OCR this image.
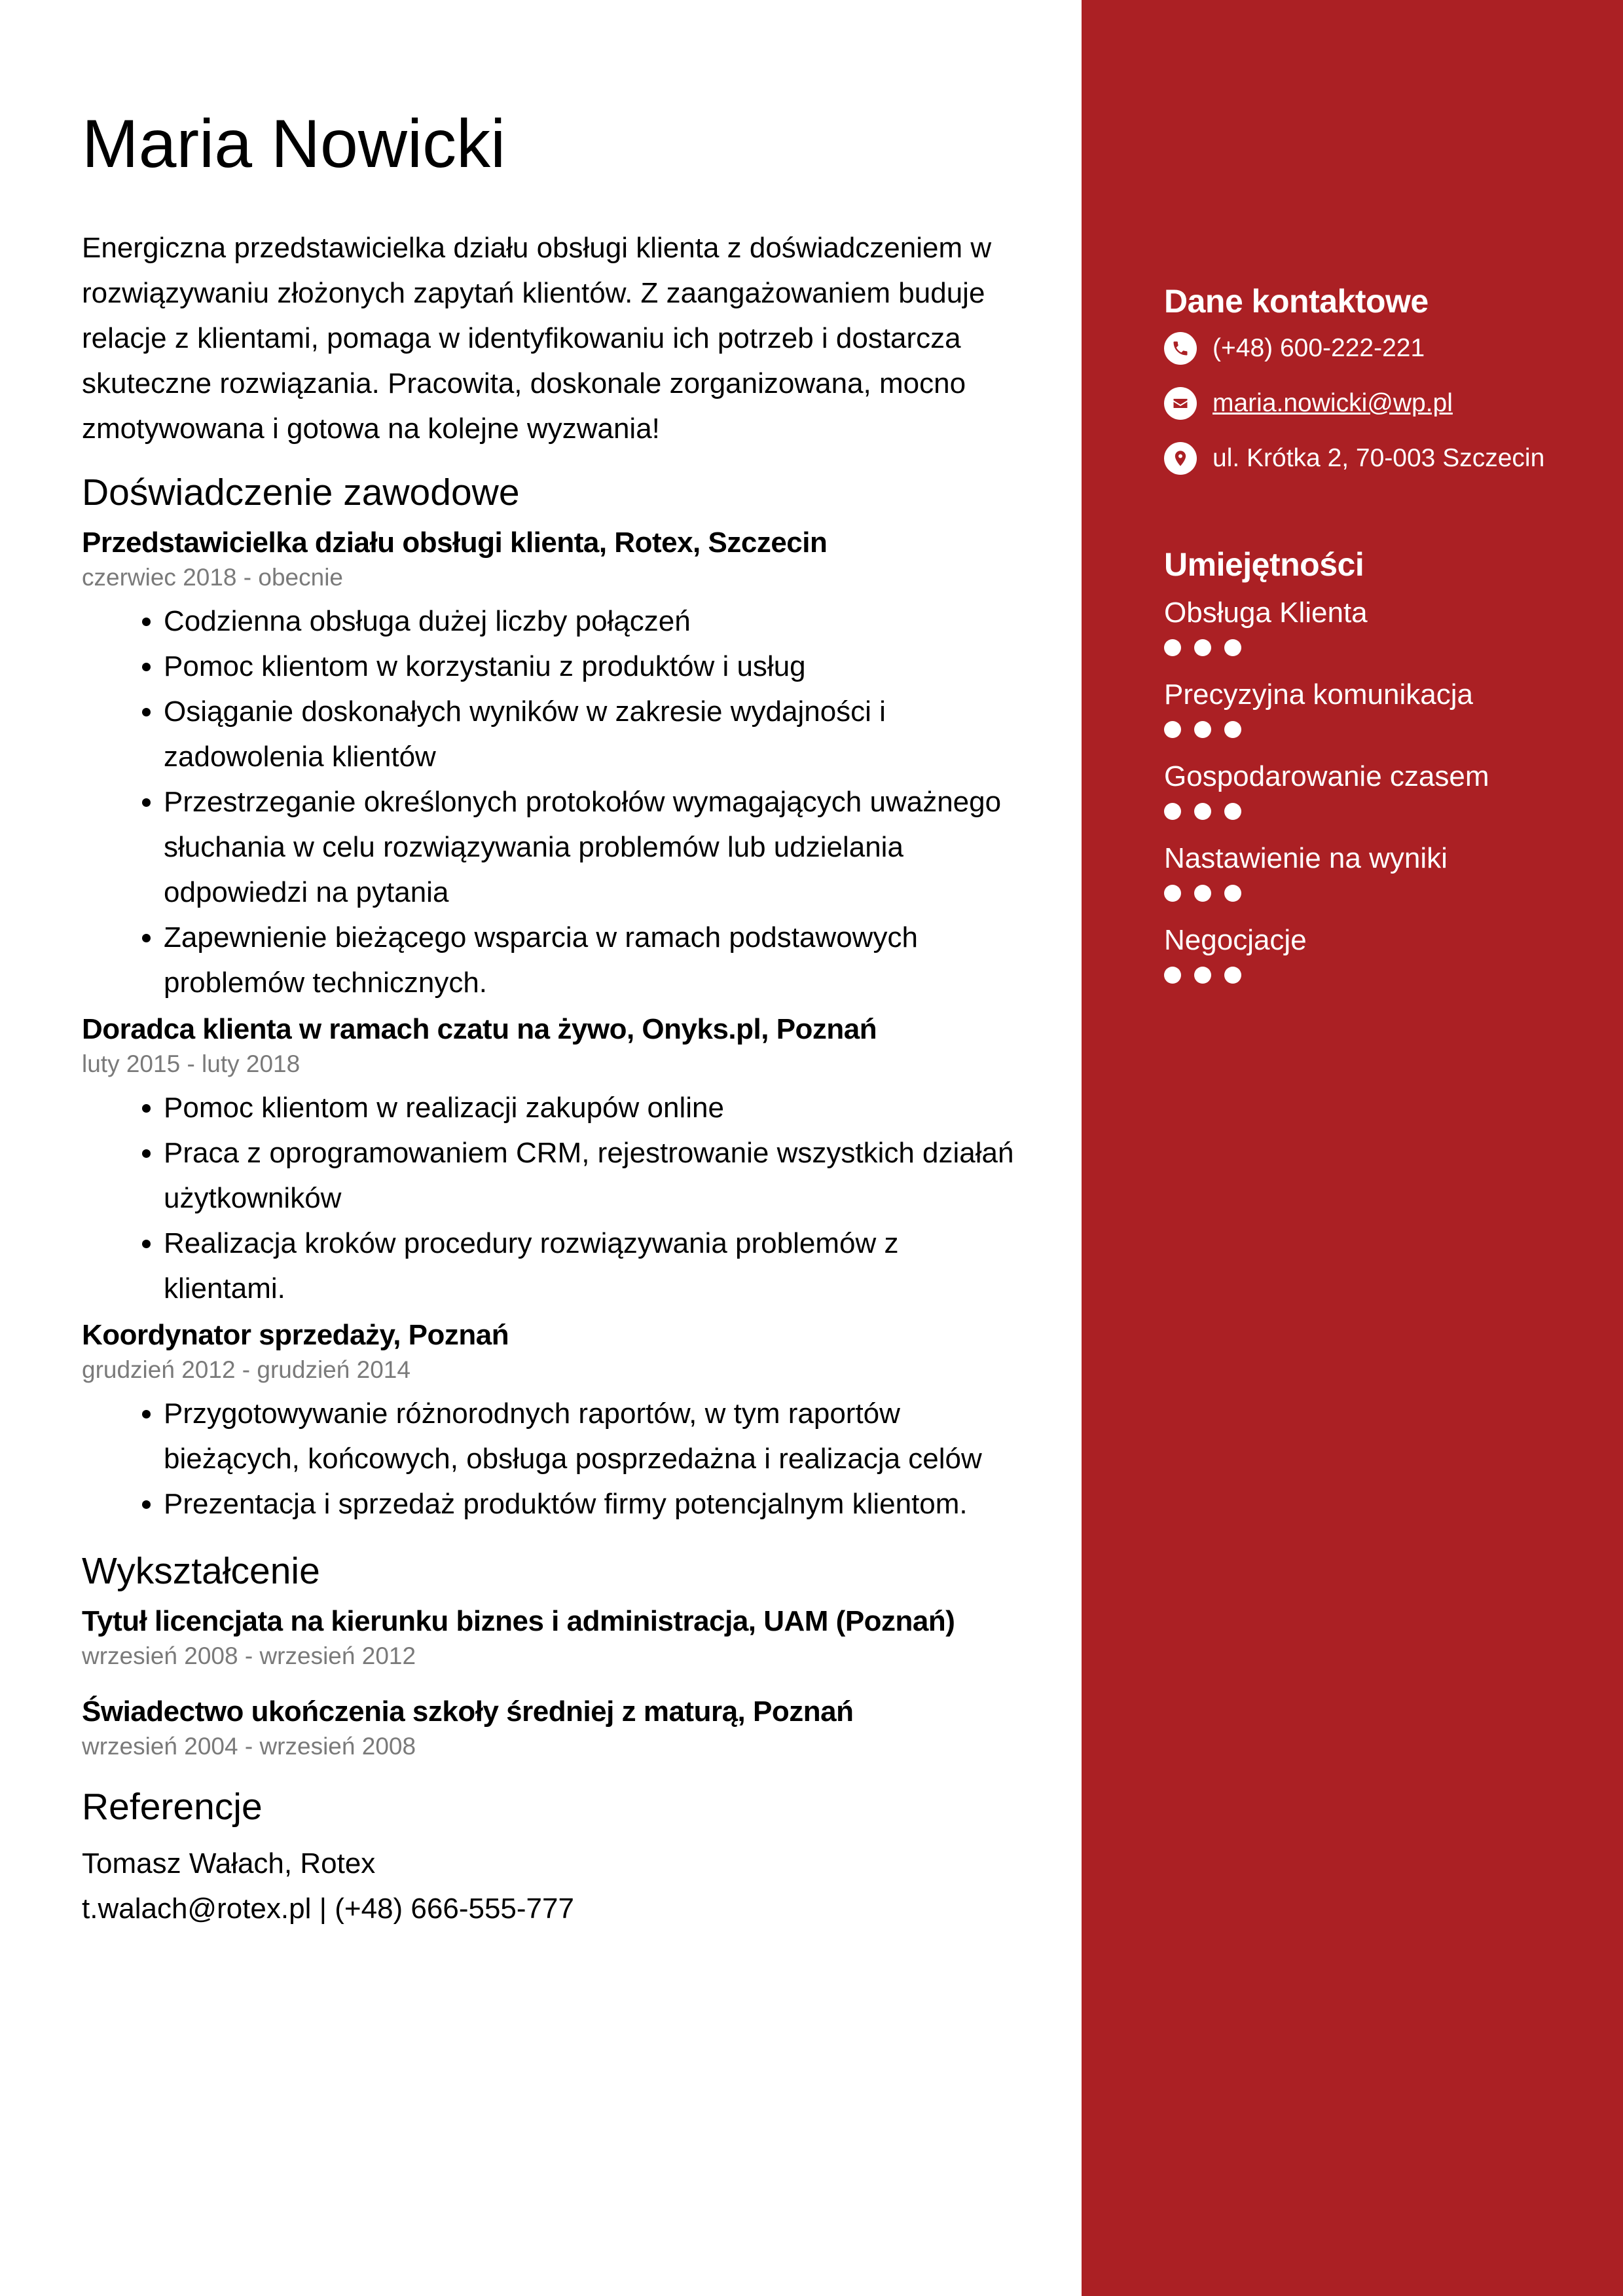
Maria Nowicki

Energiczna przedstawicielka działu obsługi klienta z doświadczeniem w rozwiązywaniu złożonych zapytań klientów. Z zaangażowaniem buduje relacje z klientami, pomaga w identyfikowaniu ich potrzeb i dostarcza skuteczne rozwiązania. Pracowita, doskonale zorganizowana, mocno zmotywowana i gotowa na kolejne wyzwania!

Doświadczenie zawodowe

Przedstawicielka działu obsługi klienta, Rotex, Szczecin

czerwiec 2018 - obecnie

• Codzienna obsługa dużej liczby połączeń
• Pomoc klientom w korzystaniu z produktów i usług
• Osiąganie doskonałych wyników w zakresie wydajności i zadowolenia klientów
• Przestrzeganie określonych protokołów wymagających uważnego słuchania w celu rozwiązywania problemów lub udzielania odpowiedzi na pytania
• Zapewnienie bieżącego wsparcia w ramach podstawowych problemów technicznych.

Doradca klienta w ramach czatu na żywo, Onyks.pl, Poznań

luty 2015 - luty 2018

• Pomoc klientom w realizacji zakupów online
• Praca z oprogramowaniem CRM, rejestrowanie wszystkich działań użytkowników
• Realizacja kroków procedury rozwiązywania problemów z klientami.

Koordynator sprzedaży, Poznań

grudzień 2012 - grudzień 2014

• Przygotowywanie różnorodnych raportów, w tym raportów bieżących, końcowych, obsługa posprzedażna i realizacja celów
• Prezentacja i sprzedaż produktów firmy potencjalnym klientom.
Wykształcenie

Tytuł licencjata na kierunku biznes i administracja, UAM (Poznań)

wrzesień 2008 - wrzesień 2012

Świadectwo ukończenia szkoły średniej z maturą, Poznań

wrzesień 2004 - wrzesień 2008

Referencje

Tomasz Wałach, Rotex

t.walach@rotex.pl | (+48) 666-555-777

Dane kontaktowe
(+48) 600-222-221
maria.nowicki@wp.pl
ul. Krótka 2, 70-003 Szczecin
Umiejętności

Obsługa Klienta

Precyzyjna komunikacja

Gospodarowanie czasem

Nastawienie na wyniki

Negocjacje
